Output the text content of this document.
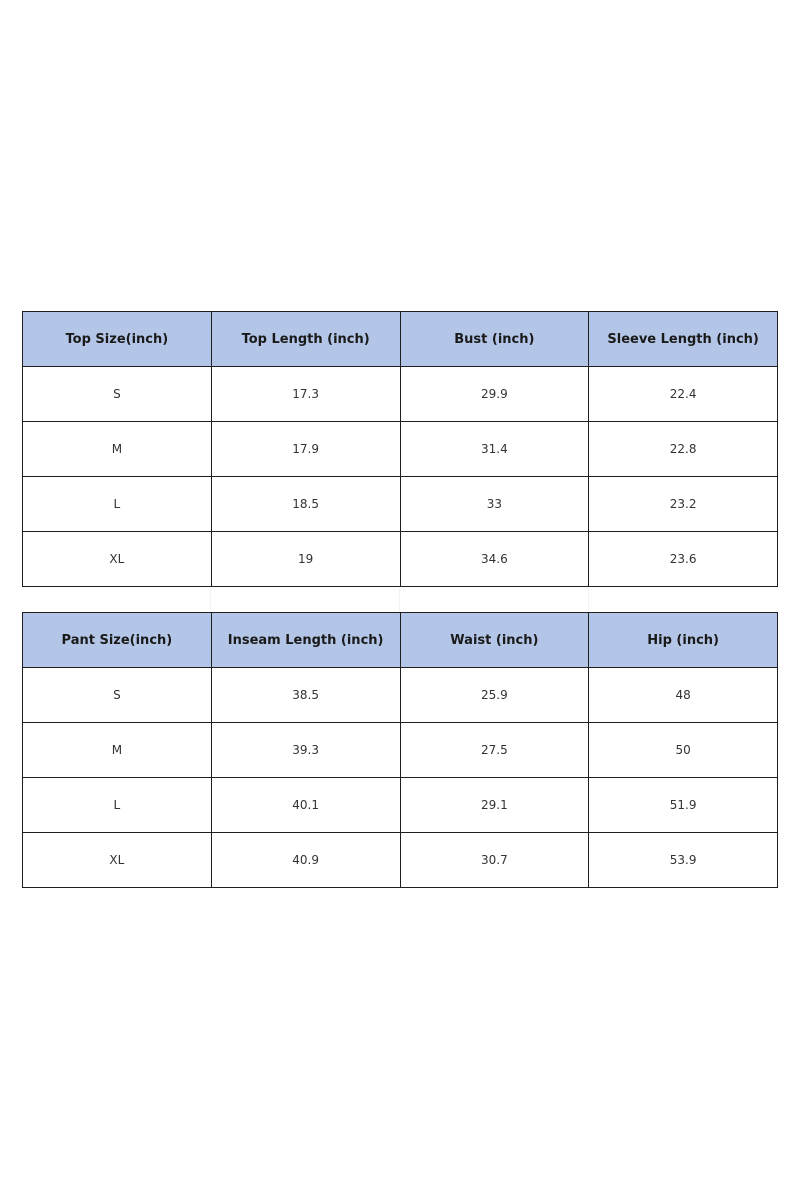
Top Size(inch)	Top Length (inch)	Bust (inch)	Sleeve Length (inch)
S	17.3	29.9	22.4
M	17.9	31.4	22.8
L	18.5	33	23.2
XL	19	34.6	23.6
Pant Size(inch)	Inseam Length (inch)	Waist (inch)	Hip (inch)
S	38.5	25.9	48
M	39.3	27.5	50
L	40.1	29.1	51.9
XL	40.9	30.7	53.9
